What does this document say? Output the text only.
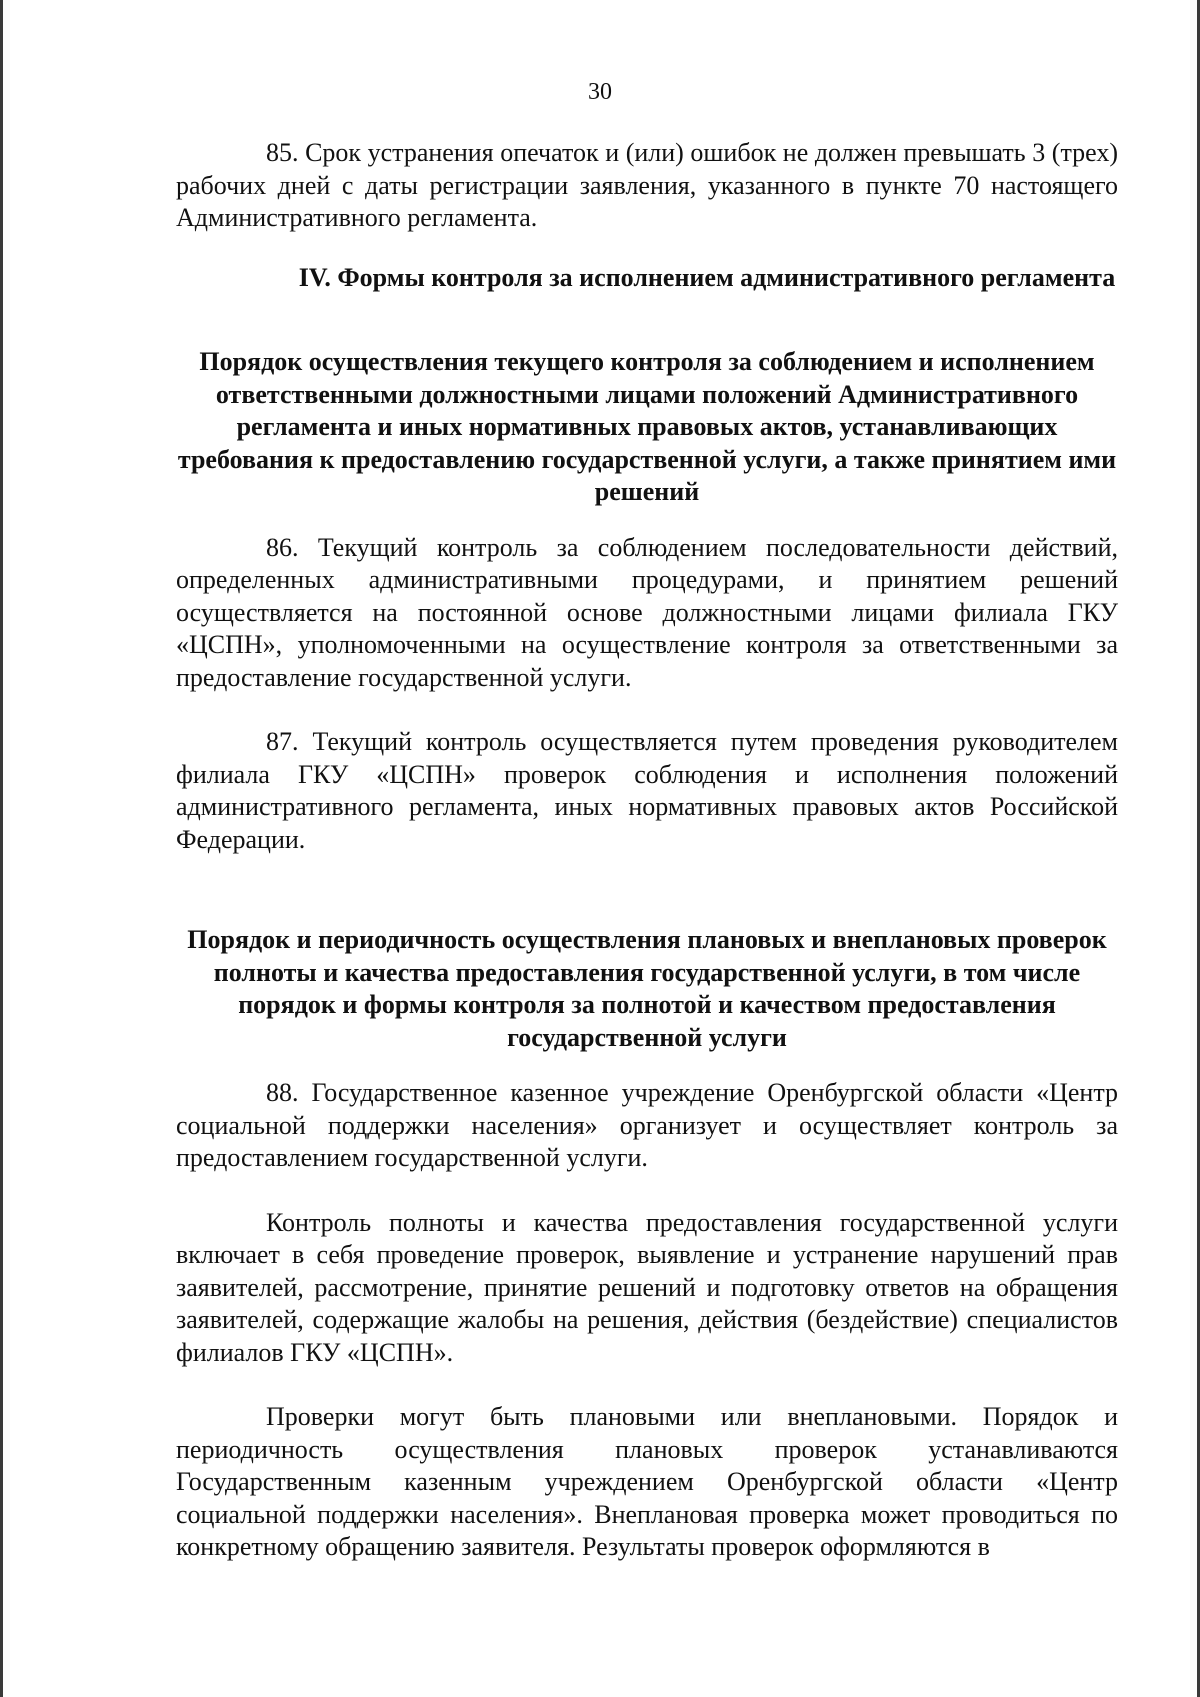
30

85. Срок устранения опечаток и (или) ошибок не должен превышать 3 (трех) рабочих дней с даты регистрации заявления, указанного в пункте 70 настоящего Административного регламента.

IV. Формы контроля за исполнением административного регламента
Порядок осуществления текущего контроля за соблюдением и исполнением ответственными должностными лицами положений Административного регламента и иных нормативных правовых актов, устанавливающих требования к предоставлению государственной услуги, а также принятием ими решений

86. Текущий контроль за соблюдением последовательности действий, определенных административными процедурами, и принятием решений осуществляется на постоянной основе должностными лицами филиала ГКУ «ЦСПН», уполномоченными на осуществление контроля за ответственными за предоставление государственной услуги.

87. Текущий контроль осуществляется путем проведения руководителем филиала ГКУ «ЦСПН» проверок соблюдения и исполнения положений административного регламента, иных нормативных правовых актов Российской Федерации.

Порядок и периодичность осуществления плановых и внеплановых проверок полноты и качества предоставления государственной услуги, в том числе порядок и формы контроля за полнотой и качеством предоставления государственной услуги

88. Государственное казенное учреждение Оренбургской области «Центр социальной поддержки населения» организует и осуществляет контроль за предоставлением государственной услуги.

Контроль полноты и качества предоставления государственной услуги включает в себя проведение проверок, выявление и устранение нарушений прав заявителей, рассмотрение, принятие решений и подготовку ответов на обращения заявителей, содержащие жалобы на решения, действия (бездействие) специалистов филиалов ГКУ «ЦСПН».

Проверки могут быть плановыми или внеплановыми. Порядок и периодичность осуществления плановых проверок устанавливаются Государственным казенным учреждением Оренбургской области «Центр социальной поддержки населения». Внеплановая проверка может проводиться по конкретному обращению заявителя. Результаты проверок оформляются в
